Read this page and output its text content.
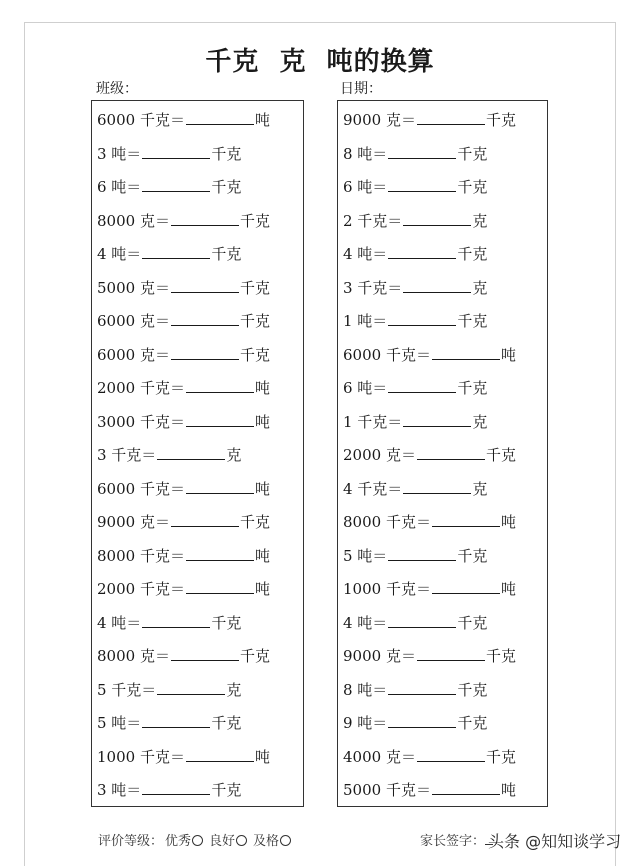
千克  克  吨的换算
班级：	日期：
6000 千克＝	吨
3 吨＝	千克
6 吨＝	千克
8000 克＝	千克
4 吨＝	千克
5000 克＝	千克
6000 克＝	千克
6000 克＝	千克
2000 千克＝	吨
3000 千克＝	吨
3 千克＝	克
6000 千克＝	吨
9000 克＝	千克
8000 千克＝	吨
2000 千克＝	吨
4 吨＝	千克
8000 克＝	千克
5 千克＝	克
5 吨＝	千克
1000 千克＝	吨
3 吨＝	千克
9000 克＝	千克
8 吨＝	千克
6 吨＝	千克
2 千克＝	克
4 吨＝	千克
3 千克＝	克
1 吨＝	千克
6000 千克＝	吨
6 吨＝	千克
1 千克＝	克
2000 克＝	千克
4 千克＝	克
8000 千克＝	吨
5 吨＝	千克
1000 千克＝	吨
4 吨＝	千克
9000 克＝	千克
8 吨＝	千克
9 吨＝	千克
4000 克＝	千克
5000 千克＝	吨
评价等级： 优秀 良好 及格	家长签字： 头条 @知知谈学习
